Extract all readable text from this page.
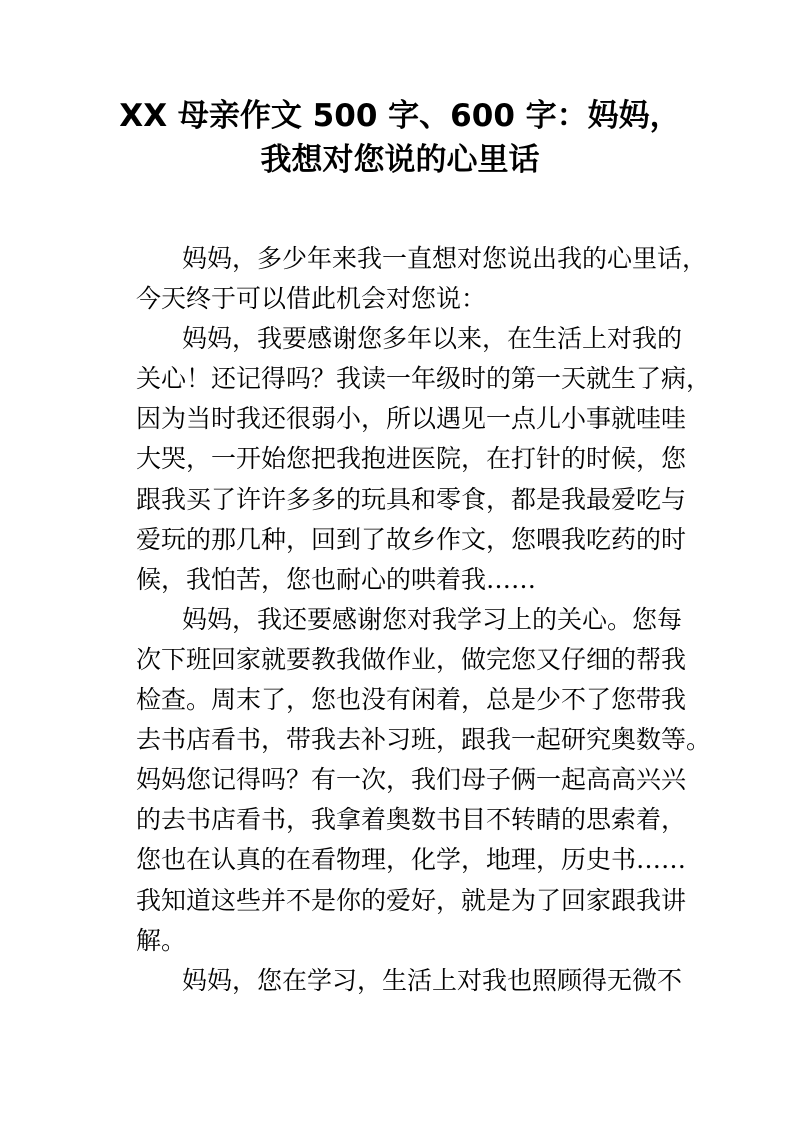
XX 母亲作文 500 字、600 字：妈妈，
我想对您说的心里话

妈妈，多少年来我一直想对您说出我的心里话，
今天终于可以借此机会对您说：

妈妈，我要感谢您多年以来，在生活上对我的
关心！还记得吗？我读一年级时的第一天就生了病，
因为当时我还很弱小，所以遇见一点儿小事就哇哇
大哭，一开始您把我抱进医院，在打针的时候，您
跟我买了许许多多的玩具和零食，都是我最爱吃与
爱玩的那几种，回到了故乡作文，您喂我吃药的时
候，我怕苦，您也耐心的哄着我……

妈妈，我还要感谢您对我学习上的关心。您每
次下班回家就要教我做作业，做完您又仔细的帮我
检查。周末了，您也没有闲着，总是少不了您带我
去书店看书，带我去补习班，跟我一起研究奥数等。
妈妈您记得吗？有一次，我们母子俩一起高高兴兴
的去书店看书，我拿着奥数书目不转睛的思索着，
您也在认真的在看物理，化学，地理，历史书……
我知道这些并不是你的爱好，就是为了回家跟我讲
解。

妈妈，您在学习，生活上对我也照顾得无微不
